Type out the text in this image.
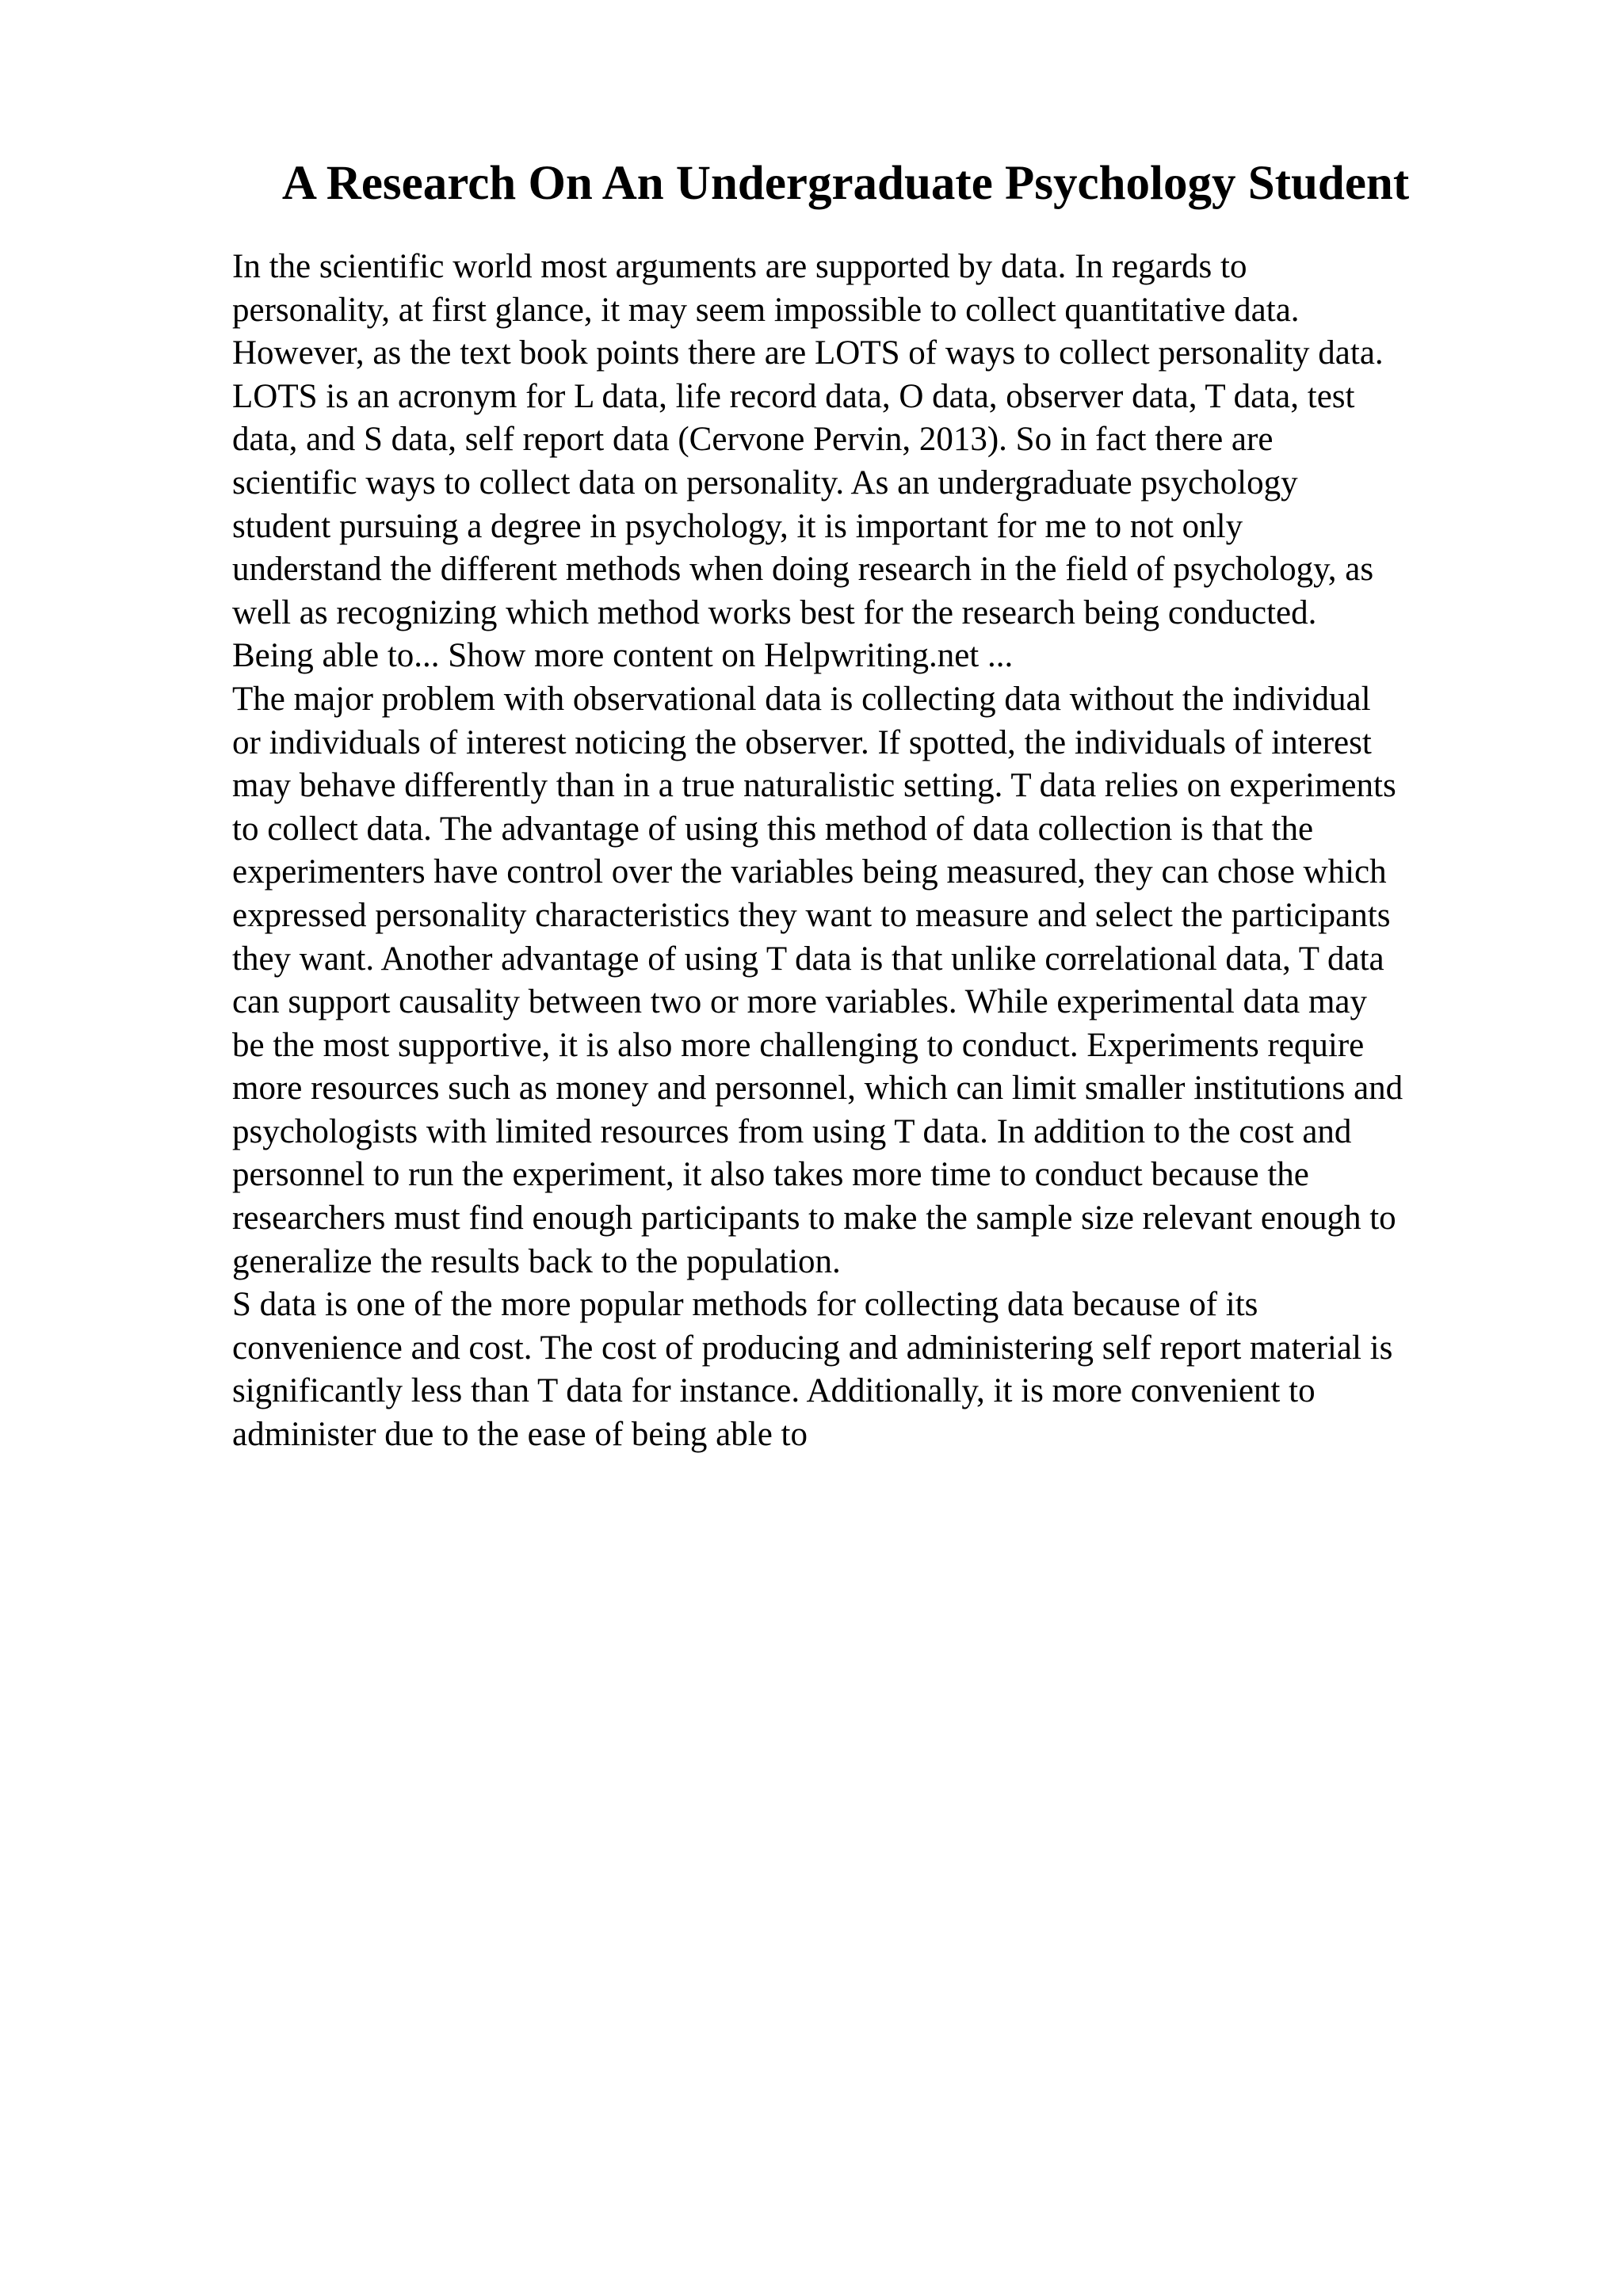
A Research On An Undergraduate Psychology Student

In the scientific world most arguments are supported by data. In regards to
personality, at first glance, it may seem impossible to collect quantitative data.
However, as the text book points there are LOTS of ways to collect personality data.
LOTS is an acronym for L data, life record data, O data, observer data, T data, test
data, and S data, self report data (Cervone Pervin, 2013). So in fact there are
scientific ways to collect data on personality. As an undergraduate psychology
student pursuing a degree in psychology, it is important for me to not only
understand the different methods when doing research in the field of psychology, as
well as recognizing which method works best for the research being conducted.
Being able to... Show more content on Helpwriting.net ...

The major problem with observational data is collecting data without the individual
or individuals of interest noticing the observer. If spotted, the individuals of interest
may behave differently than in a true naturalistic setting. T data relies on experiments
to collect data. The advantage of using this method of data collection is that the
experimenters have control over the variables being measured, they can chose which
expressed personality characteristics they want to measure and select the participants
they want. Another advantage of using T data is that unlike correlational data, T data
can support causality between two or more variables. While experimental data may
be the most supportive, it is also more challenging to conduct. Experiments require
more resources such as money and personnel, which can limit smaller institutions and
psychologists with limited resources from using T data. In addition to the cost and
personnel to run the experiment, it also takes more time to conduct because the
researchers must find enough participants to make the sample size relevant enough to
generalize the results back to the population.

S data is one of the more popular methods for collecting data because of its
convenience and cost. The cost of producing and administering self report material is
significantly less than T data for instance. Additionally, it is more convenient to
administer due to the ease of being able to
